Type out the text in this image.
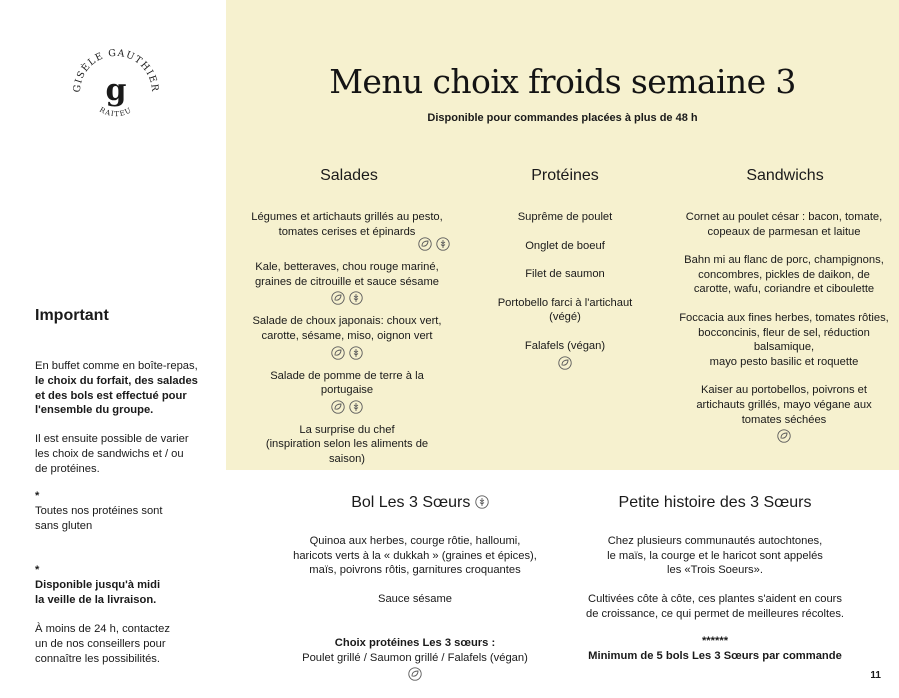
GISÈLE GAUTHIER
g
RAITEU
Menu choix froids semaine 3
Disponible pour commandes placées à plus de 48 h
Salades	Protéines	Sandwichs
Légumes et artichauts grillés au pesto,
tomates cerises et épinards
Kale, betteraves, chou rouge mariné,
graines de citrouille et sauce sésame
Salade de choux japonais: choux vert,
carotte, sésame, miso, oignon vert
Salade de pomme de terre à la
portugaise
La surprise du chef
(inspiration selon les aliments de
saison)
Suprême de poulet
Onglet de boeuf
Filet de saumon
Portobello farci à l'artichaut
(végé)
Falafels (végan)
Cornet au poulet césar : bacon, tomate,
copeaux de parmesan et laitue
Bahn mi au flanc de porc, champignons,
concombres, pickles de daikon, de
carotte, wafu, coriandre et ciboulette
Foccacia aux fines herbes, tomates rôties,
bocconcinis, fleur de sel, réduction
balsamique,
mayo pesto basilic et roquette
Kaiser au portobellos, poivrons et
artichauts grillés, mayo végane aux
tomates séchées
Important
En buffet comme en boîte-repas,
le choix du forfait, des salades
et des bols est effectué pour
l'ensemble du groupe.
Il est ensuite possible de varier
les choix de sandwichs et / ou
de protéines.
*
Toutes nos protéines sont
sans gluten
*
Disponible jusqu'à midi
la veille de la livraison.
À moins de 24 h, contactez
un de nos conseillers pour
connaître les possibilités.
Bol Les 3 Sœurs
Quinoa aux herbes, courge rôtie, halloumi,
haricots verts à la « dukkah » (graines et épices),
maïs, poivrons rôtis, garnitures croquantes
Sauce sésame
Choix protéines Les 3 sœurs :
Poulet grillé / Saumon grillé / Falafels (végan)
Petite histoire des 3 Sœurs
Chez plusieurs communautés autochtones,
le maïs, la courge et le haricot sont appelés
les «Trois Soeurs».
Cultivées côte à côte, ces plantes s'aident en cours
de croissance, ce qui permet de meilleures récoltes.
******
Minimum de 5 bols Les 3 Sœurs par commande
11
